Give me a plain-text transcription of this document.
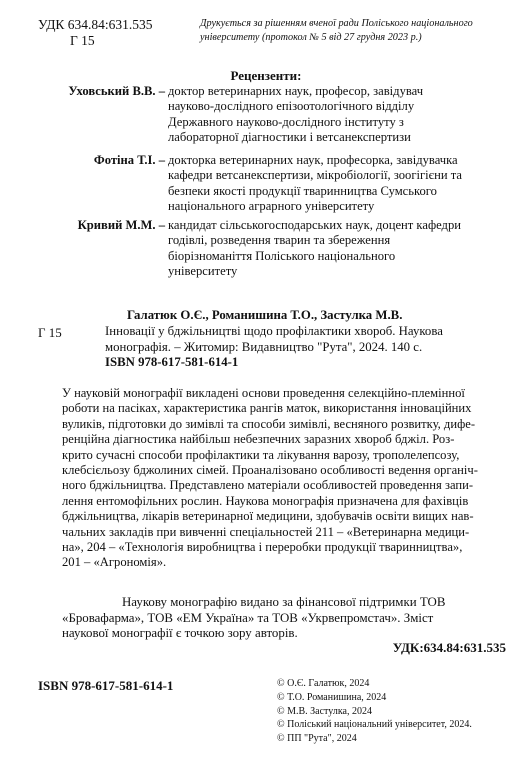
УДК 634.84:631.535
Г 15
Друкується за рішенням вченої ради Поліського національного університету (протокол № 5 від 27 грудня 2023 р.)
Рецензенти:
Уховський В.В. – доктор ветеринарних наук, професор, завідувач
науково-дослідного епізоотологічного відділу
Державного науково-дослідного інституту з
лабораторної діагностики і ветсанекспертизи
Фотіна Т.І. – докторка ветеринарних наук, професорка, завідувачка
кафедри ветсанекспертизи, мікробіології, зоогігієни та
безпеки якості продукції тваринництва Сумського
національного аграрного університету
Кривий М.М. – кандидат сільськогосподарських наук, доцент кафедри
годівлі, розведення тварин та збереження
біорізноманіття Поліського національного
університету
Г 15
Галатюк О.Є., Романишина Т.О., Застулка М.В.
Інновації у бджільництві щодо профілактики хвороб. Наукова
монографія. – Житомир: Видавництво "Рута", 2024. 140 с.
ISBN 978-617-581-614-1
У науковій монографії викладені основи проведення селекційно-племінної
роботи на пасіках, характеристика рангів маток, використання інноваційних
вуликів, підготовки до зимівлі та способи зимівлі, весняного розвитку, дифе-
ренційна діагностика найбільш небезпечних заразних хвороб бджіл. Роз-
крито сучасні способи профілактики та лікування варозу, трополелепсозу,
клебсієльозу бджолиних сімей. Проаналізовано особливості ведення органіч-
ного бджільництва. Представлено матеріали особливостей проведення запи-
лення ентомофільних рослин. Наукова монографія призначена для фахівців
бджільництва, лікарів ветеринарної медицини, здобувачів освіти вищих нав-
чальних закладів при вивченні спеціальностей 211 – «Ветеринарна медици-
на», 204 – «Технологія виробництва і переробки продукції тваринництва»,
201 – «Агрономія».

Наукову монографію видано за фінансової підтримки ТОВ
«Бровафарма», ТОВ «ЕМ Україна» та ТОВ «Укрвепромстач». Зміст
наукової монографії є точкою зору авторів.

УДК:634.84:631.535
ISBN 978-617-581-614-1	© О.Є. Галатюк, 2024
© Т.О. Романишина, 2024
© М.В. Застулка, 2024
© Поліський національний університет, 2024.
© ПП "Рута", 2024
